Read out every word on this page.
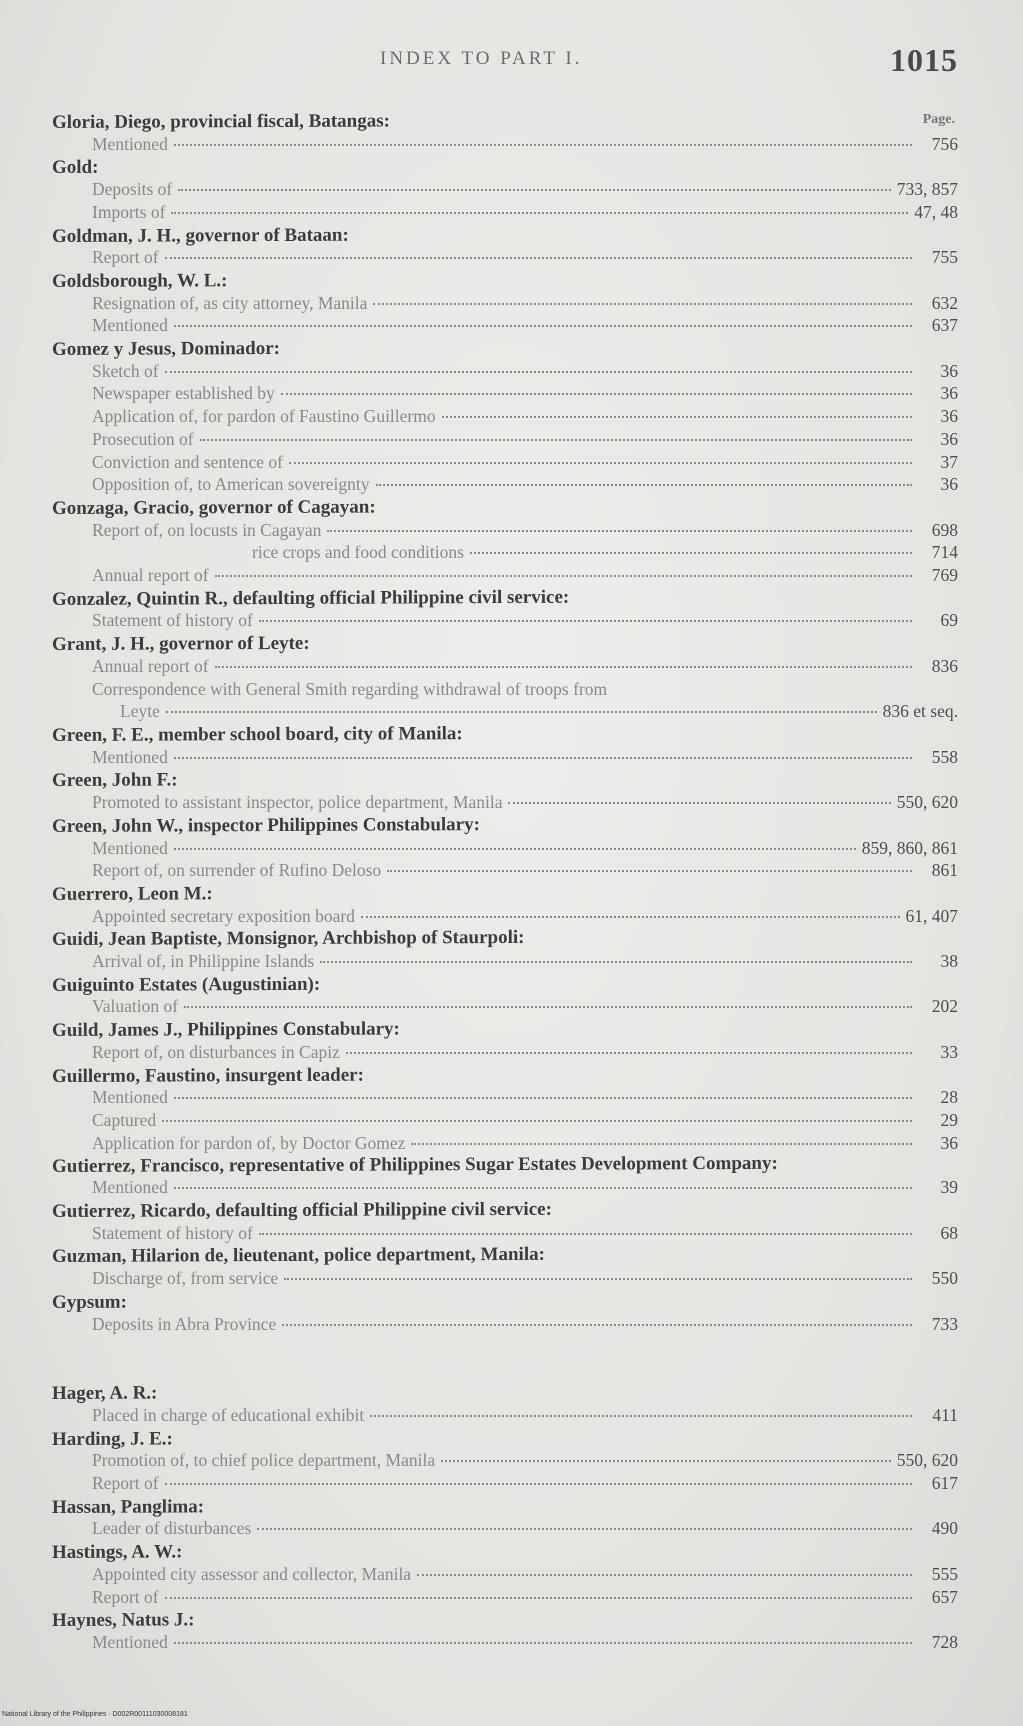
INDEX TO PART I.	1015
Page.
Gloria, Diego, provincial fiscal, Batangas:
Mentioned	756
Gold:
Deposits of	733, 857
Imports of	47, 48
Goldman, J. H., governor of Bataan:
Report of	755
Goldsborough, W. L.:
Resignation of, as city attorney, Manila	632
Mentioned	637
Gomez y Jesus, Dominador:
Sketch of	36
Newspaper established by	36
Application of, for pardon of Faustino Guillermo	36
Prosecution of	36
Conviction and sentence of	37
Opposition of, to American sovereignty	36
Gonzaga, Gracio, governor of Cagayan:
Report of, on locusts in Cagayan	698
rice crops and food conditions	714
Annual report of	769
Gonzalez, Quintin R., defaulting official Philippine civil service:
Statement of history of	69
Grant, J. H., governor of Leyte:
Annual report of	836
Correspondence with General Smith regarding withdrawal of troops from
Leyte	836 et seq.
Green, F. E., member school board, city of Manila:
Mentioned	558
Green, John F.:
Promoted to assistant inspector, police department, Manila	550, 620
Green, John W., inspector Philippines Constabulary:
Mentioned	859, 860, 861
Report of, on surrender of Rufino Deloso	861
Guerrero, Leon M.:
Appointed secretary exposition board	61, 407
Guidi, Jean Baptiste, Monsignor, Archbishop of Staurpoli:
Arrival of, in Philippine Islands	38
Guiguinto Estates (Augustinian):
Valuation of	202
Guild, James J., Philippines Constabulary:
Report of, on disturbances in Capiz	33
Guillermo, Faustino, insurgent leader:
Mentioned	28
Captured	29
Application for pardon of, by Doctor Gomez	36
Gutierrez, Francisco, representative of Philippines Sugar Estates Development Company:
Mentioned	39
Gutierrez, Ricardo, defaulting official Philippine civil service:
Statement of history of	68
Guzman, Hilarion de, lieutenant, police department, Manila:
Discharge of, from service	550
Gypsum:
Deposits in Abra Province	733
Hager, A. R.:
Placed in charge of educational exhibit	411
Harding, J. E.:
Promotion of, to chief police department, Manila	550, 620
Report of	617
Hassan, Panglima:
Leader of disturbances	490
Hastings, A. W.:
Appointed city assessor and collector, Manila	555
Report of	657
Haynes, Natus J.:
Mentioned	728
National Library of the Philippines · D002R00111030008181
